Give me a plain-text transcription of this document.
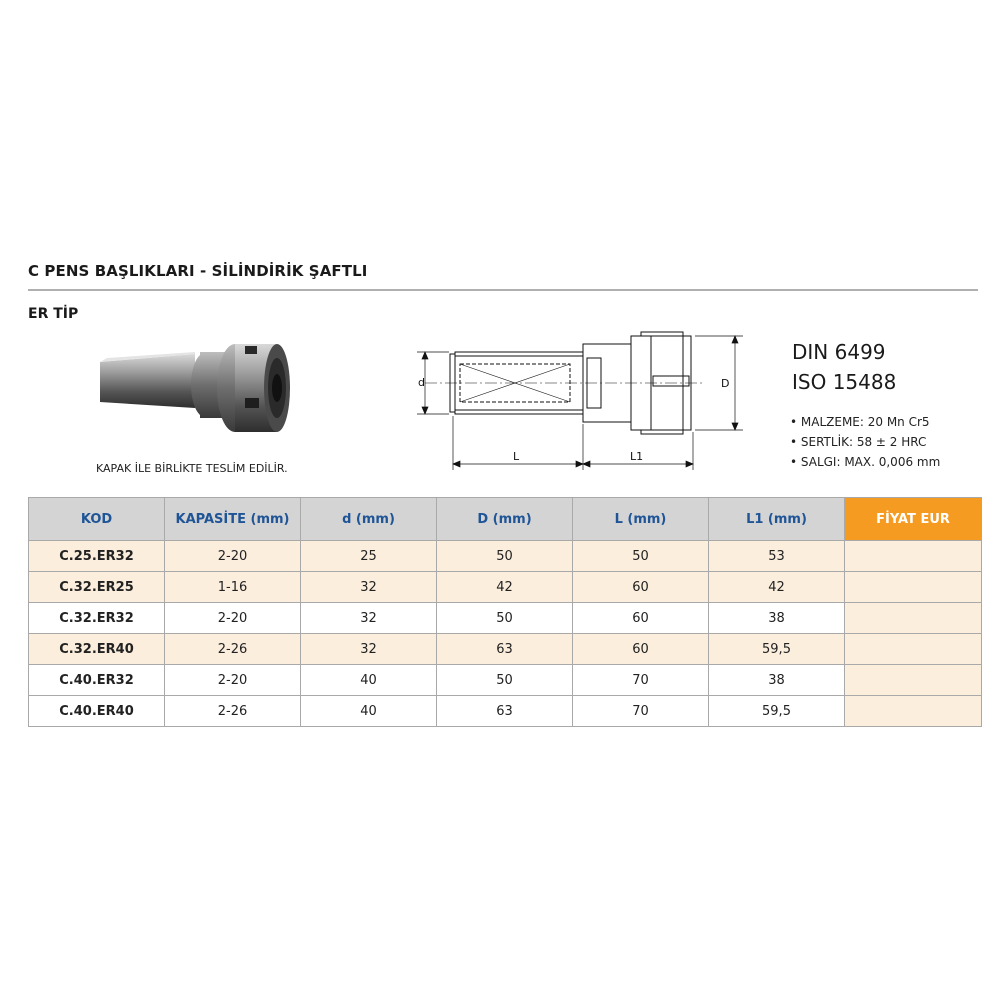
C PENS BAŞLIKLARI - SİLİNDİRİK ŞAFTLI
ER TİP
KAPAK İLE BİRLİKTE TESLİM EDİLİR.
d	D
L	L1
DIN 6499
ISO 15488
• MALZEME: 20 Mn Cr5
• SERTLİK: 58 ± 2 HRC
• SALGI: MAX. 0,006 mm
KOD	KAPASİTE (mm)	d (mm)	D (mm)	L (mm)	L1 (mm)	FİYAT EUR
C.25.ER32	2-20	25	50	50	53	
C.32.ER25	1-16	32	42	60	42	
C.32.ER32	2-20	32	50	60	38	
C.32.ER40	2-26	32	63	60	59,5	
C.40.ER32	2-20	40	50	70	38	
C.40.ER40	2-26	40	63	70	59,5	
